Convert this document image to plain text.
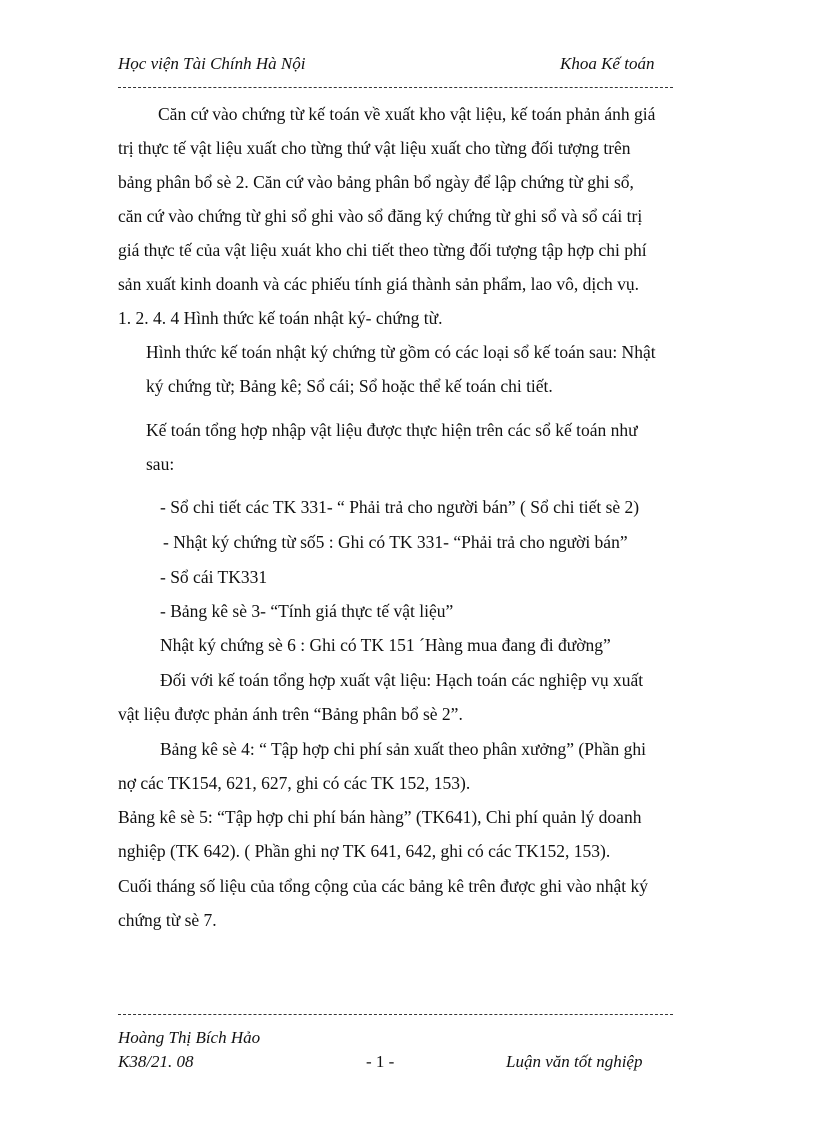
Học viện Tài Chính Hà Nội	Khoa Kế toán
Căn cứ vào chứng từ kế toán về xuất kho vật liệu, kế toán phản ánh giá
trị thực tế vật liệu xuất cho từng thứ vật liệu xuất cho từng đối tượng trên
bảng phân bổ sè 2. Căn cứ vào bảng phân bổ ngày để lập chứng từ ghi sổ,
căn cứ vào chứng từ ghi sổ ghi vào sổ đăng ký chứng từ ghi sổ và sổ cái trị
giá thực tế của vật liệu xuát kho chi tiết theo từng đối tượng tập hợp chi phí
sản xuất kinh doanh và các phiếu tính giá thành sản phẩm, lao vô, dịch vụ.
1. 2. 4. 4 Hình thức kế toán nhật ký- chứng từ.
Hình thức kế toán nhật ký chứng từ gồm có các loại sổ kế toán sau: Nhật
ký chứng từ; Bảng kê; Sổ cái; Sổ hoặc thể kế toán chi tiết.
Kế toán tổng hợp nhập vật liệu được thực hiện trên các sổ kế toán như
sau:
- Sổ chi tiết các TK 331- “ Phải trả cho người bán” ( Sổ chi tiết sè 2)
- Nhật ký chứng từ số5 : Ghi có TK 331- “Phải trả cho người bán”
- Sổ cái TK331
- Bảng kê sè 3- “Tính giá thực tế vật liệu”
Nhật ký chứng sè 6 : Ghi có TK 151 ´Hàng mua đang đi đường”
Đối với kế toán tổng hợp xuất vật liệu: Hạch toán các nghiệp vụ xuất
vật liệu được phản ánh trên “Bảng phân bổ sè 2”.
Bảng kê sè 4: “ Tập hợp chi phí sản xuất theo phân xưởng” (Phần ghi
nợ các TK154, 621, 627, ghi có các TK 152, 153).
Bảng kê sè 5: “Tập hợp chi phí bán hàng” (TK641), Chi phí quản lý doanh
nghiệp (TK 642). ( Phần ghi nợ TK 641, 642, ghi có các TK152, 153).
Cuối tháng số liệu của tổng cộng của các bảng kê trên được ghi vào nhật ký
chứng từ sè 7.
Hoàng Thị Bích Hảo
K38/21. 08	- 1 -	Luận văn tốt nghiệp
